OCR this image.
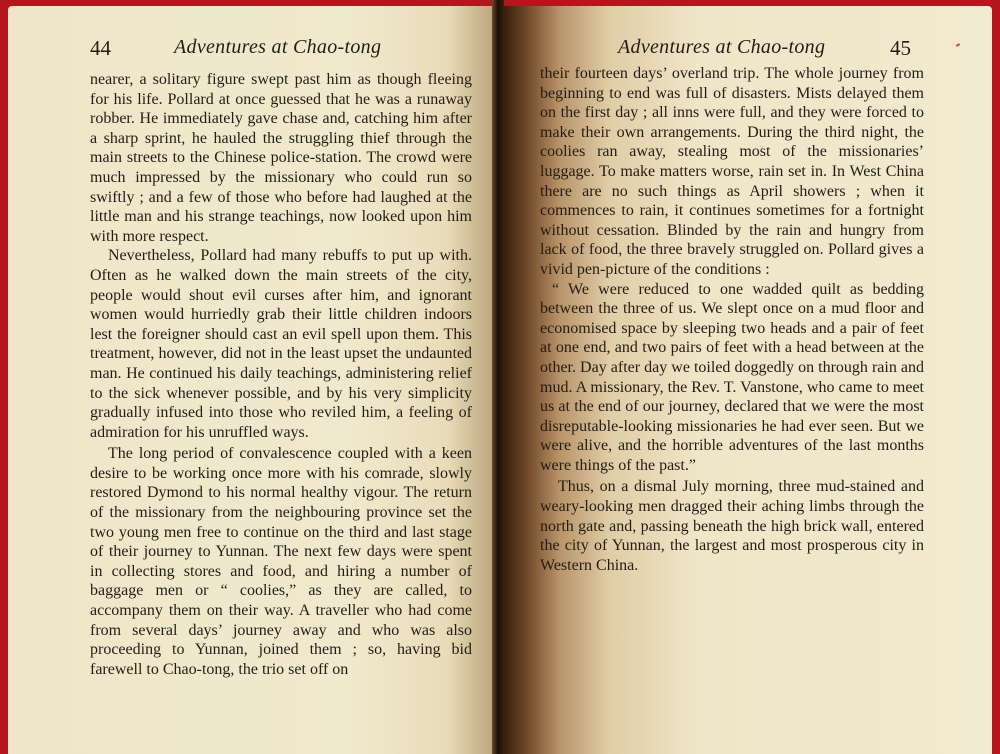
44	Adventures at Chao-tong

nearer, a solitary figure swept past him as though fleeing for his life. Pollard at once guessed that he was a runaway robber. He immediately gave chase and, catching him after a sharp sprint, he hauled the struggling thief through the main streets to the Chinese police-station. The crowd were much impressed by the missionary who could run so swiftly ; and a few of those who before had laughed at the little man and his strange teachings, now looked upon him with more respect.

Nevertheless, Pollard had many rebuffs to put up with. Often as he walked down the main streets of the city, people would shout evil curses after him, and ignorant women would hurriedly grab their little children indoors lest the foreigner should cast an evil spell upon them. This treatment, however, did not in the least upset the undaunted man. He continued his daily teachings, administering relief to the sick whenever possible, and by his very simplicity gradually infused into those who reviled him, a feeling of admiration for his unruffled ways.

The long period of convalescence coupled with a keen desire to be working once more with his comrade, slowly restored Dymond to his normal healthy vigour. The return of the missionary from the neighbouring province set the two young men free to continue on the third and last stage of their journey to Yunnan. The next few days were spent in collecting stores and food, and hiring a number of baggage men or “ coolies,” as they are called, to accompany them on their way. A traveller who had come from several days’ journey away and who was also proceeding to Yunnan, joined them ; so, having bid farewell to Chao-tong, the trio set off on

Adventures at Chao-tong	45

their fourteen days’ overland trip. The whole journey from beginning to end was full of disasters. Mists delayed them on the first day ; all inns were full, and they were forced to make their own arrangements. During the third night, the coolies ran away, stealing most of the missionaries’ luggage. To make matters worse, rain set in. In West China there are no such things as April showers ; when it commences to rain, it continues sometimes for a fortnight without cessation. Blinded by the rain and hungry from lack of food, the three bravely struggled on. Pollard gives a vivid pen-picture of the conditions :

“ We were reduced to one wadded quilt as bedding between the three of us. We slept once on a mud floor and economised space by sleeping two heads and a pair of feet at one end, and two pairs of feet with a head between at the other. Day after day we toiled doggedly on through rain and mud. A missionary, the Rev. T. Vanstone, who came to meet us at the end of our journey, declared that we were the most disreputable-looking missionaries he had ever seen. But we were alive, and the horrible adventures of the last months were things of the past.”

Thus, on a dismal July morning, three mud-stained and weary-looking men dragged their aching limbs through the north gate and, passing beneath the high brick wall, entered the city of Yunnan, the largest and most prosperous city in Western China.
